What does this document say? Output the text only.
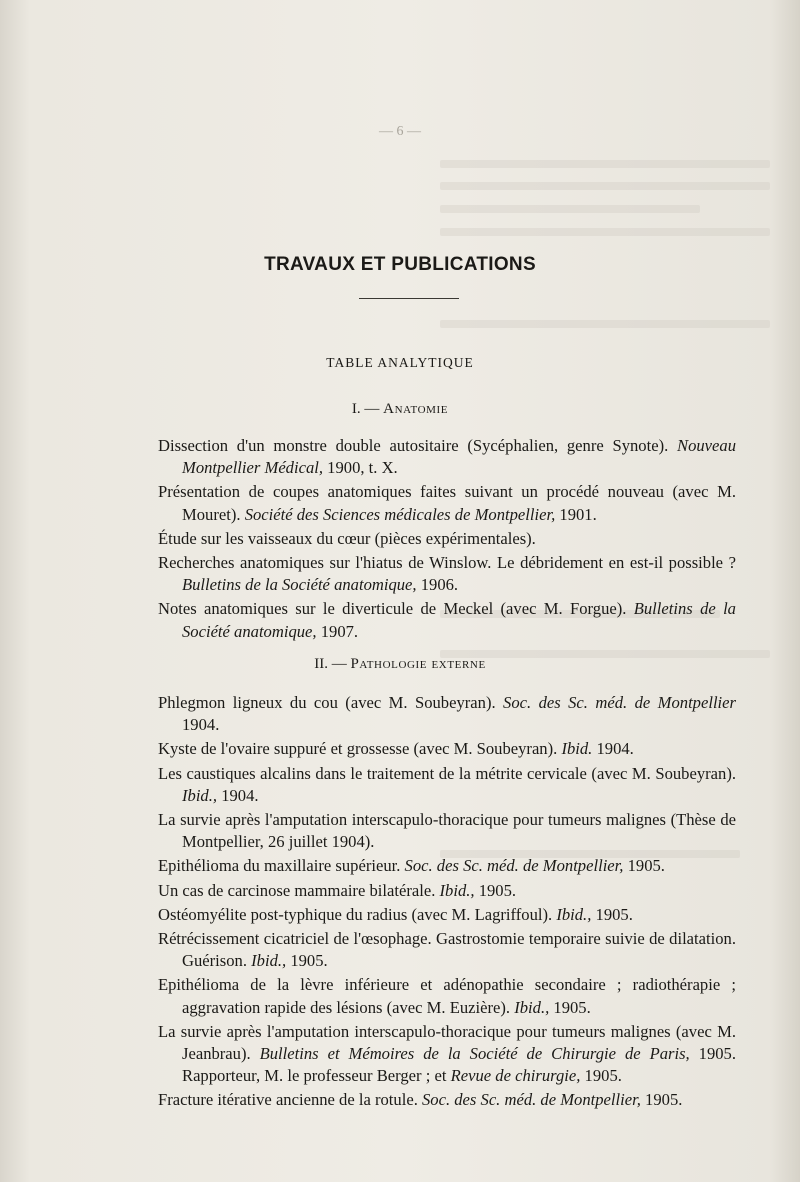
— 6 —
TRAVAUX ET PUBLICATIONS
TABLE ANALYTIQUE
I. — Anatomie
Dissection d'un monstre double autositaire (Sycéphalien, genre Synote). Nouveau Montpellier Médical, 1900, t. X.
Présentation de coupes anatomiques faites suivant un procédé nouveau (avec M. Mouret). Société des Sciences médicales de Montpellier, 1901.
Étude sur les vaisseaux du cœur (pièces expérimentales).
Recherches anatomiques sur l'hiatus de Winslow. Le débridement en est-il possible ? Bulletins de la Société anatomique, 1906.
Notes anatomiques sur le diverticule de Meckel (avec M. Forgue). Bulletins de la Société anatomique, 1907.
II. — Pathologie externe
Phlegmon ligneux du cou (avec M. Soubeyran). Soc. des Sc. méd. de Montpellier 1904.
Kyste de l'ovaire suppuré et grossesse (avec M. Soubeyran). Ibid. 1904.
Les caustiques alcalins dans le traitement de la métrite cervicale (avec M. Soubeyran). Ibid., 1904.
La survie après l'amputation interscapulo-thoracique pour tumeurs malignes (Thèse de Montpellier, 26 juillet 1904).
Epithélioma du maxillaire supérieur. Soc. des Sc. méd. de Montpellier, 1905.
Un cas de carcinose mammaire bilatérale. Ibid., 1905.
Ostéomyélite post-typhique du radius (avec M. Lagriffoul). Ibid., 1905.
Rétrécissement cicatriciel de l'œsophage. Gastrostomie temporaire suivie de dilatation. Guérison. Ibid., 1905.
Epithélioma de la lèvre inférieure et adénopathie secondaire ; radiothérapie ; aggravation rapide des lésions (avec M. Euzière). Ibid., 1905.
La survie après l'amputation interscapulo-thoracique pour tumeurs malignes (avec M. Jeanbrau). Bulletins et Mémoires de la Société de Chirurgie de Paris, 1905. Rapporteur, M. le professeur Berger ; et Revue de chirurgie, 1905.
Fracture itérative ancienne de la rotule. Soc. des Sc. méd. de Montpellier, 1905.
